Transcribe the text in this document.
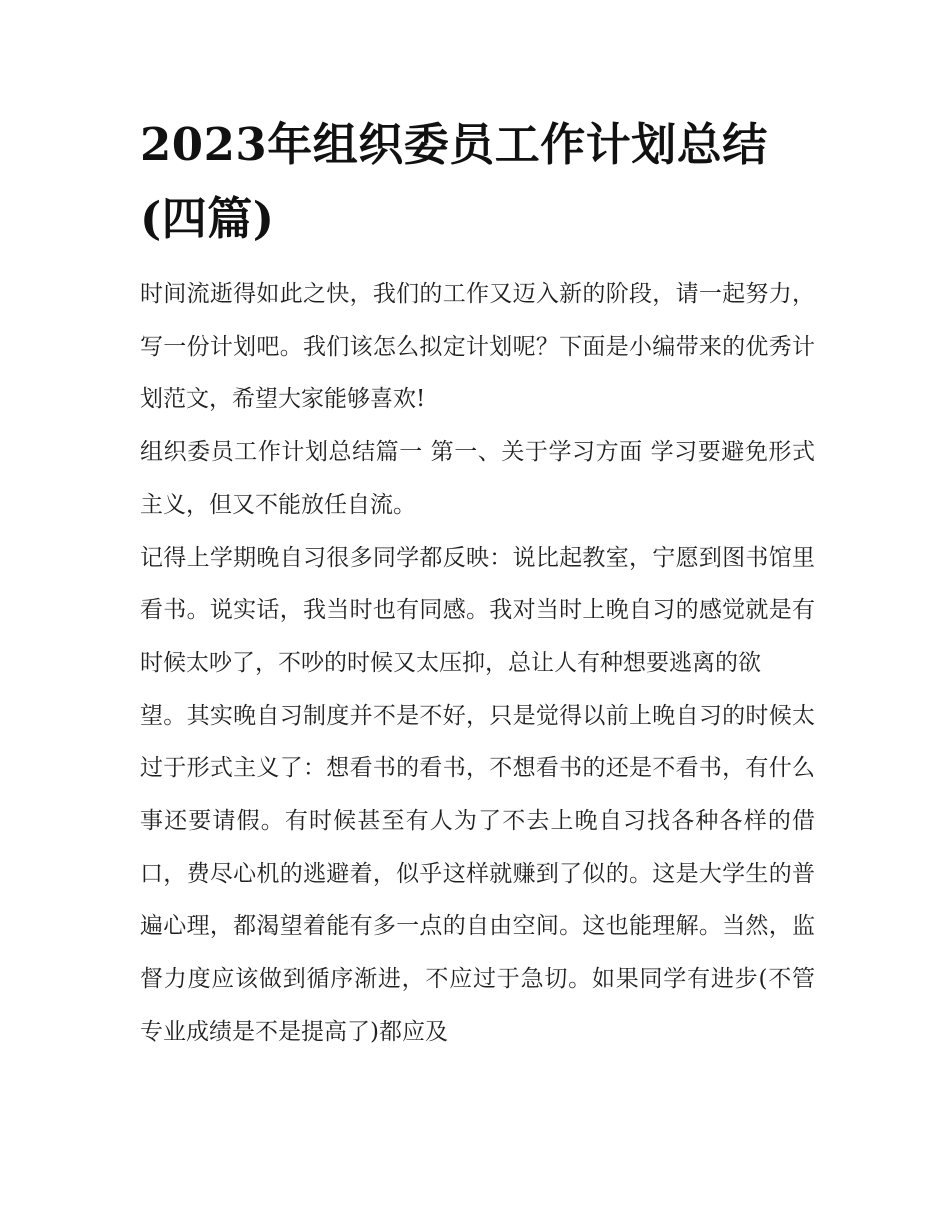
2023年组织委员工作计划总结(四篇)

时间流逝得如此之快，我们的工作又迈入新的阶段，请一起努力，写一份计划吧。我们该怎么拟定计划呢？下面是小编带来的优秀计划范文，希望大家能够喜欢!

组织委员工作计划总结篇一 第一、关于学习方面 学习要避免形式主义，但又不能放任自流。

记得上学期晚自习很多同学都反映：说比起教室，宁愿到图书馆里看书。说实话，我当时也有同感。我对当时上晚自习的感觉就是有时候太吵了，不吵的时候又太压抑，总让人有种想要逃离的欲

望。其实晚自习制度并不是不好，只是觉得以前上晚自习的时候太过于形式主义了：想看书的看书，不想看书的还是不看书，有什么事还要请假。有时候甚至有人为了不去上晚自习找各种各样的借口，费尽心机的逃避着，似乎这样就赚到了似的。这是大学生的普遍心理，都渴望着能有多一点的自由空间。这也能理解。当然，监督力度应该做到循序渐进，不应过于急切。如果同学有进步(不管专业成绩是不是提高了)都应及
